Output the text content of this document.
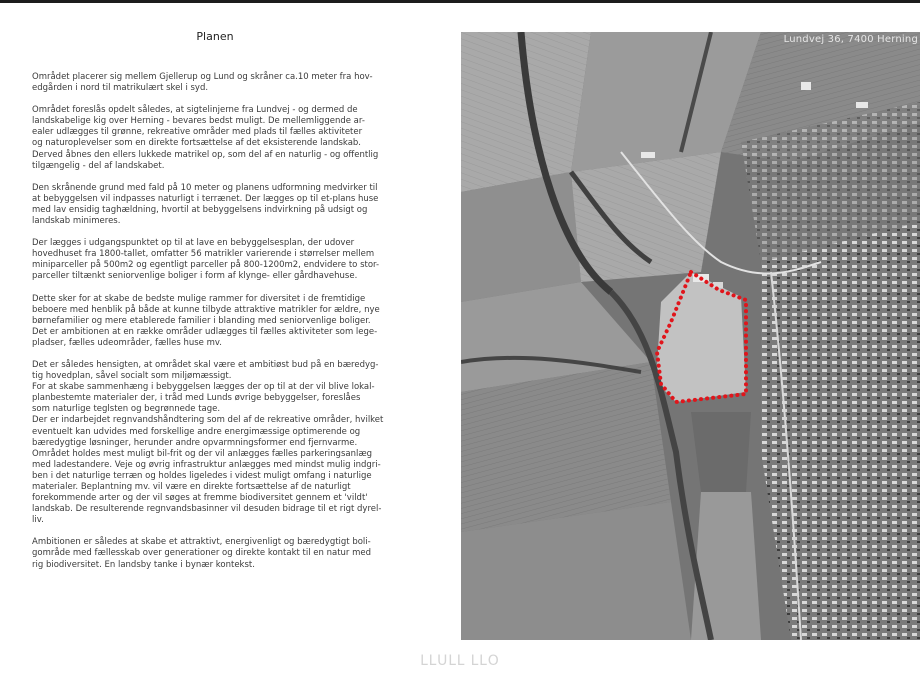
Planen

Området placerer sig mellem Gjellerup og Lund og skråner ca.10 meter fra hov-
edgården i nord til matrikulært skel i syd.

Området foreslås opdelt således, at sigtelinjerne fra Lundvej - og dermed de
landskabelige kig over Herning - bevares bedst muligt. De mellemliggende ar-
ealer udlægges til grønne, rekreative områder med plads til fælles aktiviteter
og naturoplevelser som en direkte fortsættelse af det eksisterende landskab.
Derved åbnes den ellers lukkede matrikel op, som del af en naturlig - og offentlig
tilgængelig - del af landskabet.

Den skrånende grund med fald på 10 meter og planens udformning medvirker til
at bebyggelsen vil indpasses naturligt i terrænet. Der lægges op til et-plans huse
med lav ensidig taghældning, hvortil at bebyggelsens indvirkning på udsigt og
landskab minimeres.

Der lægges i udgangspunktet op til at lave en bebyggelsesplan, der udover
hovedhuset fra 1800-tallet, omfatter 56 matrikler varierende i størrelser mellem
miniparceller på 500m2 og egentligt parceller på 800-1200m2, endvidere to stor-
parceller tiltænkt seniorvenlige boliger i form af klynge- eller gårdhavehuse.

Dette sker for at skabe de bedste mulige rammer for diversitet i de fremtidige
beboere med henblik på både at kunne tilbyde attraktive matrikler for ældre, nye
børnefamilier og mere etablerede familier i blanding med seniorvenlige boliger.
Det er ambitionen at en række områder udlægges til fælles aktiviteter som lege-
pladser, fælles udeområder, fælles huse mv.

Det er således hensigten, at området skal være et ambitiøst bud på en bæredyg-
tig hovedplan, såvel socialt som miljømæssigt.
For at skabe sammenhæng i bebyggelsen lægges der op til at der vil blive lokal-
planbestemte materialer der, i tråd med Lunds øvrige bebyggelser, foreslåes
som naturlige teglsten og begrønnede tage.
Der er indarbejdet regnvandshåndtering som del af de rekreative områder, hvilket
eventuelt kan udvides med forskellige andre energimæssige optimerende og
bæredygtige løsninger, herunder andre opvarmningsformer end fjernvarme.
Området holdes mest muligt bil-frit og der vil anlægges fælles parkeringsanlæg
med ladestandere. Veje og øvrig infrastruktur anlægges med mindst mulig indgri-
ben i det naturlige terræn og holdes ligeledes i videst muligt omfang i naturlige
materialer. Beplantning mv. vil være en direkte fortsættelse af de naturligt
forekommende arter og der vil søges at fremme biodiversitet gennem et 'vildt'
landskab. De resulterende regnvandsbasinner vil desuden bidrage til et rigt dyrel-
liv.

Ambitionen er således at skabe et attraktivt, energivenligt og bæredygtigt boli-
gområde med fællesskab over generationer og direkte kontakt til en natur med
rig biodiversitet. En landsby tanke i bynær kontekst.

Lundvej 36, 7400 Herning
ԼԼUԼԼ ԼԼO
